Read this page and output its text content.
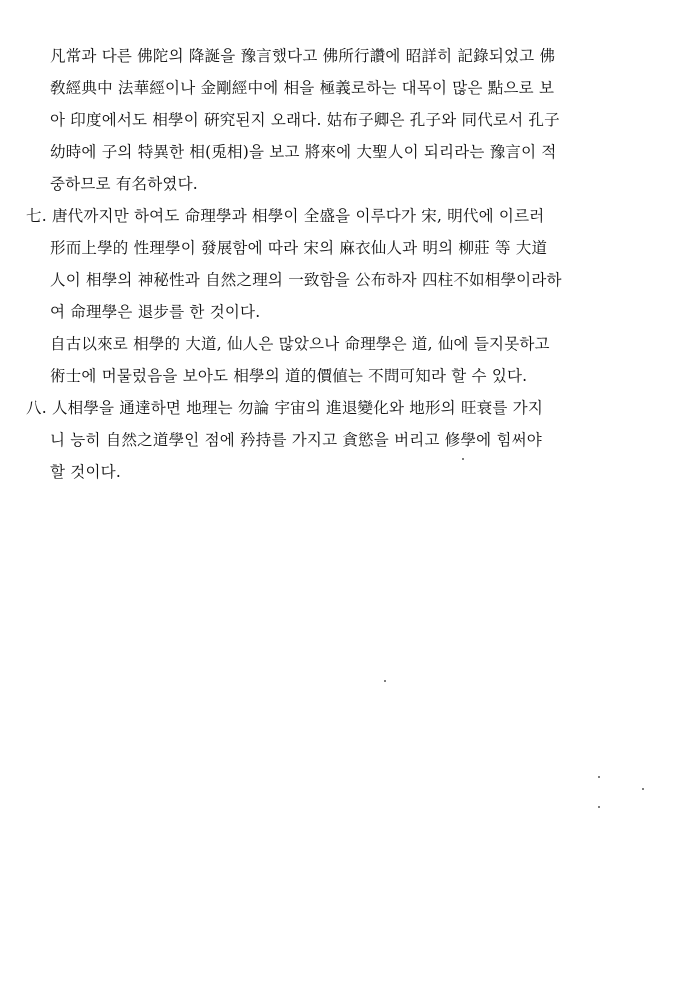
凡常과 다른 佛陀의 降誕을 豫言했다고 佛所行讚에 昭詳히 記錄되었고 佛
敎經典中 法華經이나 金剛經中에 相을 極義로하는 대목이 많은 點으로 보
아 印度에서도 相學이 硏究된지 오래다. 姑布子卿은 孔子와 同代로서 孔子
幼時에 子의 特異한 相(兎相)을 보고 將來에 大聖人이 되리라는 豫言이 적
중하므로 有名하였다.
七. 唐代까지만 하여도 命理學과 相學이 全盛을 이루다가 宋, 明代에 이르러
形而上學的 性理學이 發展함에 따라 宋의 麻衣仙人과 明의 柳莊 等 大道
人이 相學의 神秘性과 自然之理의 一致함을 公布하자 四柱不如相學이라하
여 命理學은 退步를 한 것이다.
自古以來로 相學的 大道, 仙人은 많았으나 命理學은 道, 仙에 들지못하고
術士에 머물렀음을 보아도 相學의 道的價値는 不問可知라 할 수 있다.
八. 人相學을 通達하면 地理는 勿論 宇宙의 進退變化와 地形의 旺衰를 가지
니 능히 自然之道學인 점에 矜持를 가지고 貪慾을 버리고 修學에 힘써야
할 것이다.
